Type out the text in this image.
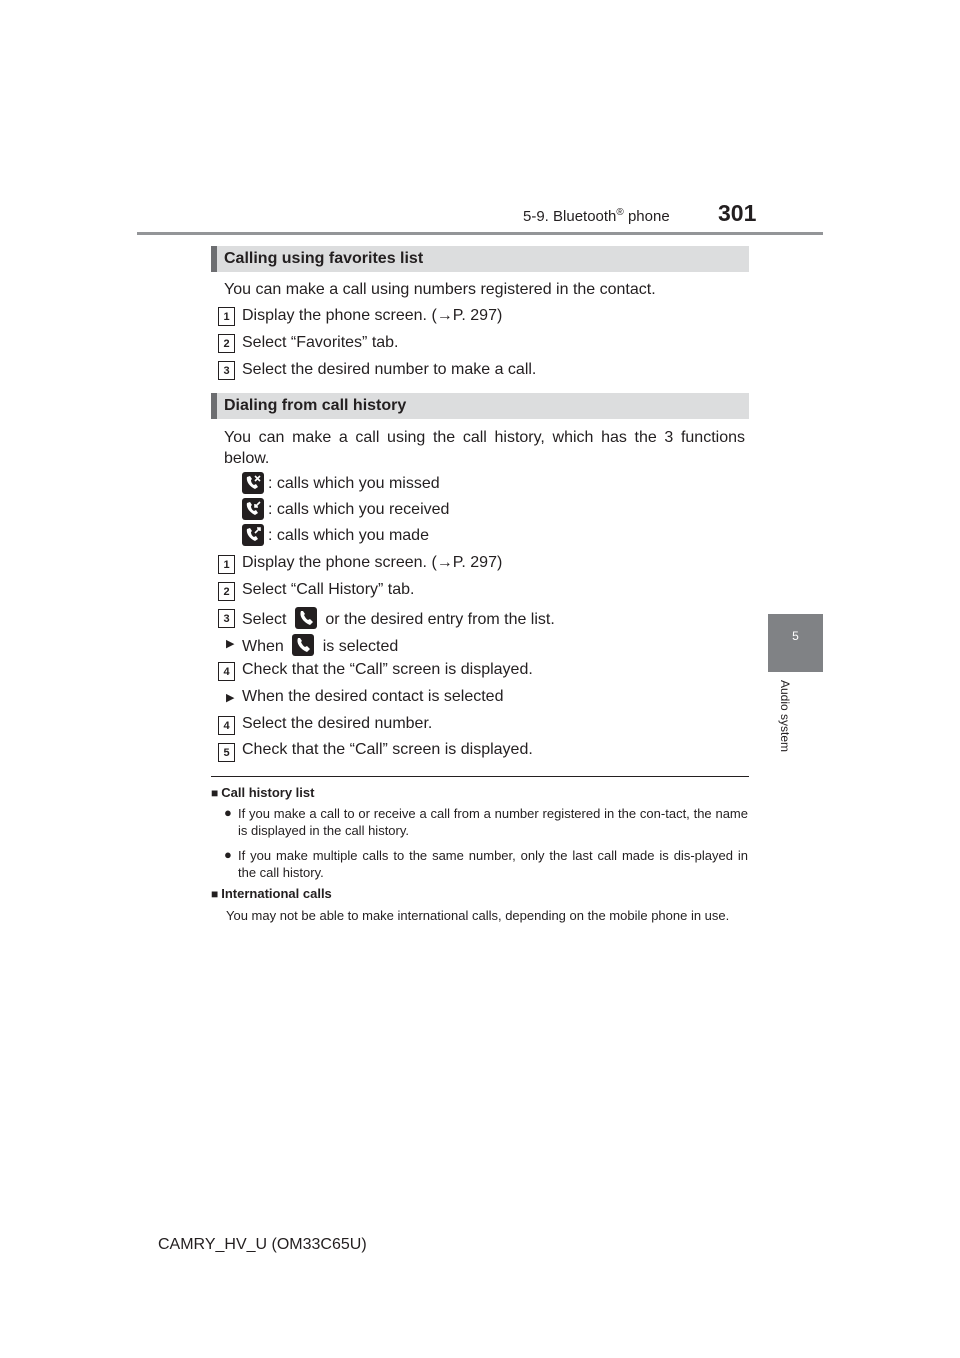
5-9. Bluetooth® phone 301
5
Audio system
Calling using favorites list
You can make a call using numbers registered in the contact.
1 Display the phone screen. (→P. 297)
2 Select “Favorites” tab.
3 Select the desired number to make a call.
Dialing from call history
You can make a call using the call history, which has the 3 functions below.
: calls which you missed
: calls which you received
: calls which you made
1 Display the phone screen. (→P. 297)
2 Select “Call History” tab.
3 Select or the desired entry from the list.
▶ When is selected
4 Check that the “Call” screen is displayed.
▶ When the desired contact is selected
4 Select the desired number.
5 Check that the “Call” screen is displayed.
■ Call history list
● If you make a call to or receive a call from a number registered in the con-tact, the name is displayed in the call history.
● If you make multiple calls to the same number, only the last call made is dis-played in the call history.
■ International calls
You may not be able to make international calls, depending on the mobile phone in use.
CAMRY_HV_U (OM33C65U)
